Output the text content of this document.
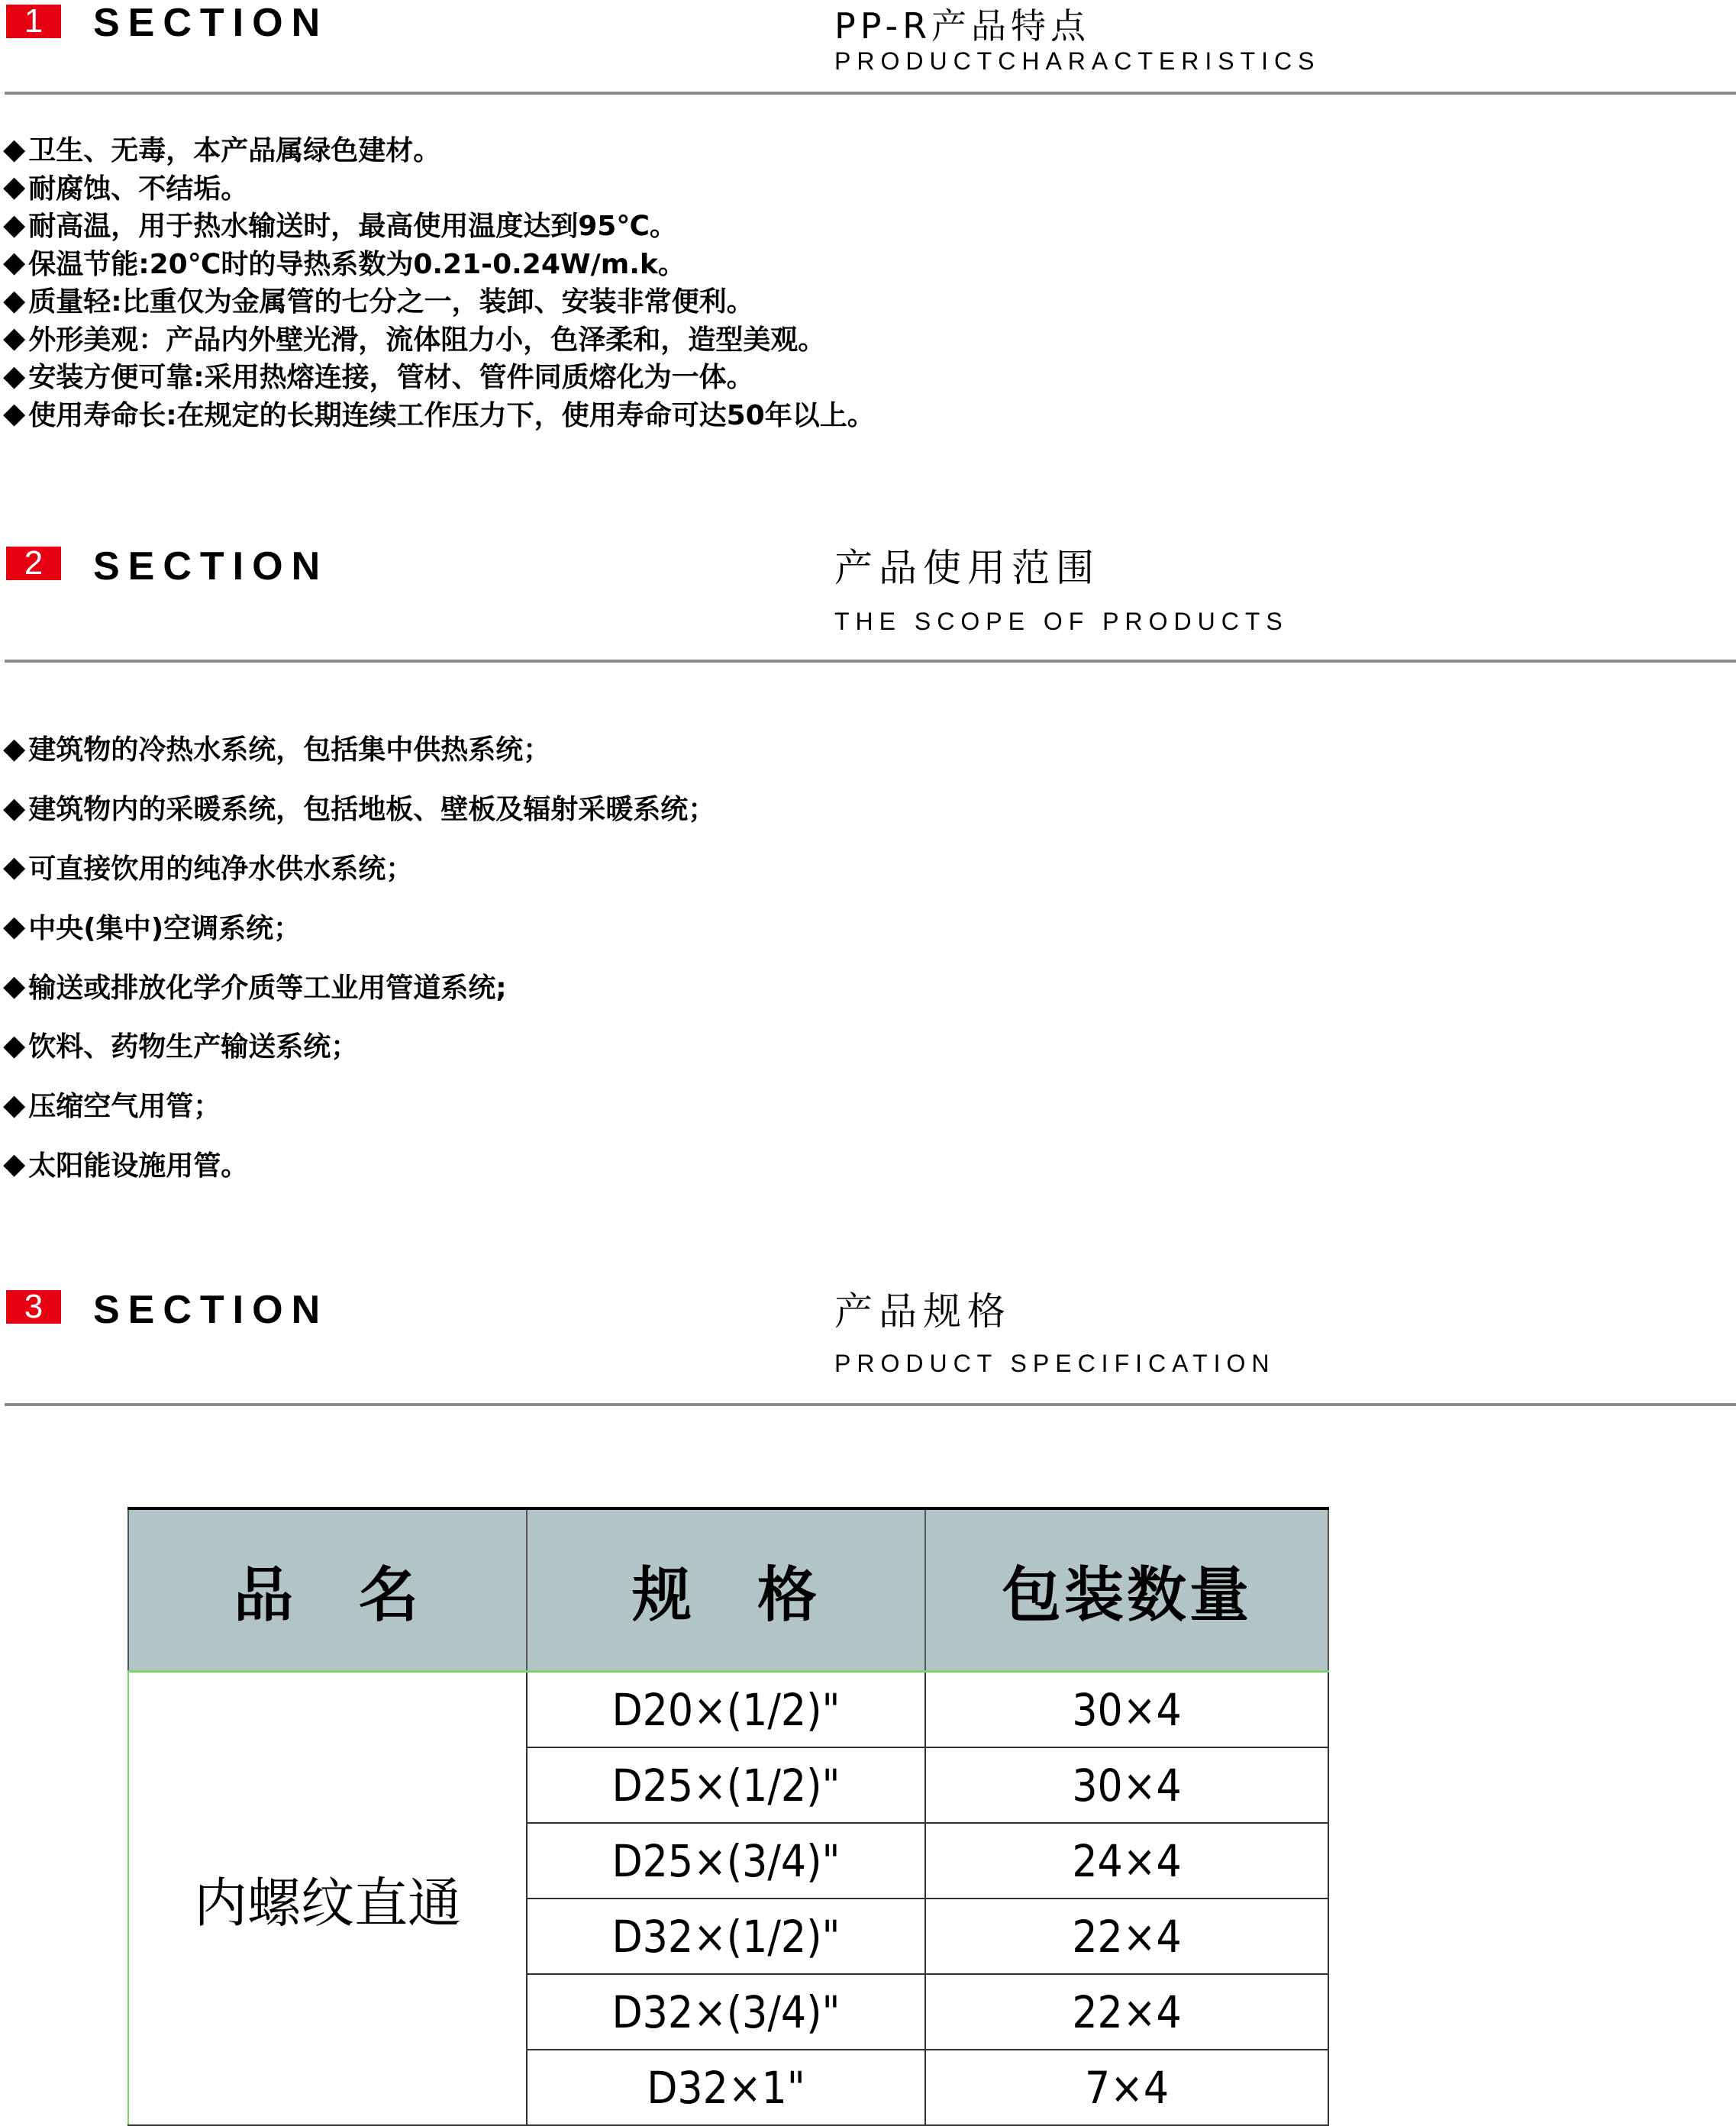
1	SECTION	PP-R产品特点
PRODUCTCHARACTERISTICS
◆ 卫生、无毒，本产品属绿色建材。
◆ 耐腐蚀、不结垢。
◆ 耐高温，用于热水输送时，最高使用温度达到95℃。
◆ 保温节能:20℃时的导热系数为0.21-0.24W/m.k。
◆ 质量轻:比重仅为金属管的七分之一，装卸、安装非常便利。
◆ 外形美观：产品内外壁光滑，流体阻力小，色泽柔和，造型美观。
◆ 安装方便可靠:采用热熔连接，管材、管件同质熔化为一体。
◆ 使用寿命长:在规定的长期连续工作压力下，使用寿命可达50年以上。
2	SECTION	产品使用范围
THE SCOPE OF PRODUCTS
◆ 建筑物的冷热水系统，包括集中供热系统；
◆ 建筑物内的采暖系统，包括地板、壁板及辐射采暖系统；
◆ 可直接饮用的纯净水供水系统；
◆ 中央(集中)空调系统；
◆ 输送或排放化学介质等工业用管道系统;
◆ 饮料、药物生产输送系统；
◆ 压缩空气用管；
◆ 太阳能设施用管。
3	SECTION	产品规格
PRODUCT SPECIFICATION
品　名	规　格	包装数量
内螺纹直通	D20×(1/2)"	30×4
	D25×(1/2)"	30×4
	D25×(3/4)"	24×4
	D32×(1/2)"	22×4
	D32×(3/4)"	22×4
	D32×1"	7×4
